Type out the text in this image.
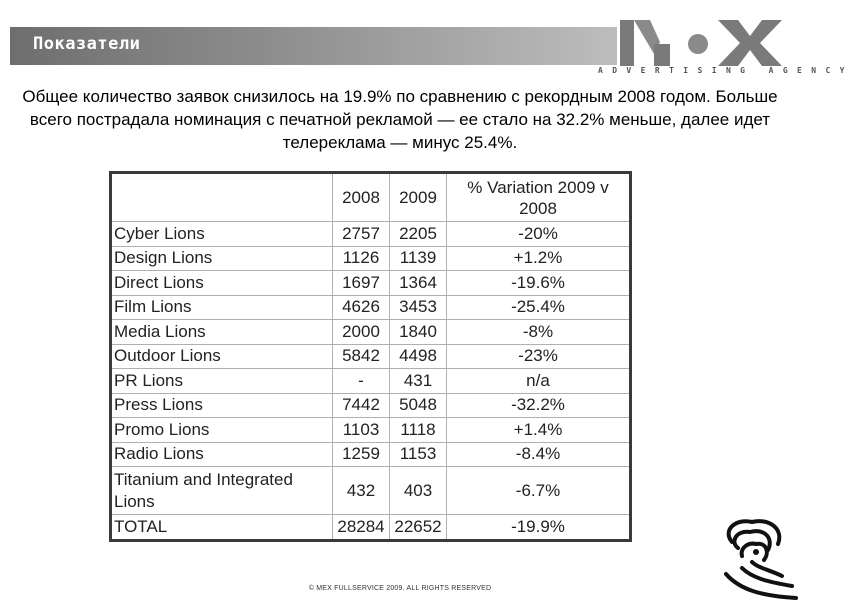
Показатели
ADVERTISING AGENCY
Общее количество заявок снизилось на 19.9% по сравнению с рекордным 2008 годом. Больше всего пострадала номинация с печатной рекламой — ее стало на 32.2% меньше, далее идет телереклама — минус 25.4%.
	2008	2009	% Variation 2009 v 2008
Cyber Lions	2757	2205	-20%
Design Lions	1126	1139	+1.2%
Direct Lions	1697	1364	-19.6%
Film Lions	4626	3453	-25.4%
Media Lions	2000	1840	-8%
Outdoor Lions	5842	4498	-23%
PR Lions	-	431	n/a
Press Lions	7442	5048	-32.2%
Promo Lions	1103	1118	+1.4%
Radio Lions	1259	1153	-8.4%
Titanium and Integrated Lions	432	403	-6.7%
TOTAL	28284	22652	-19.9%
© MEX FULLSERVICE 2009. ALL RIGHTS RESERVED
